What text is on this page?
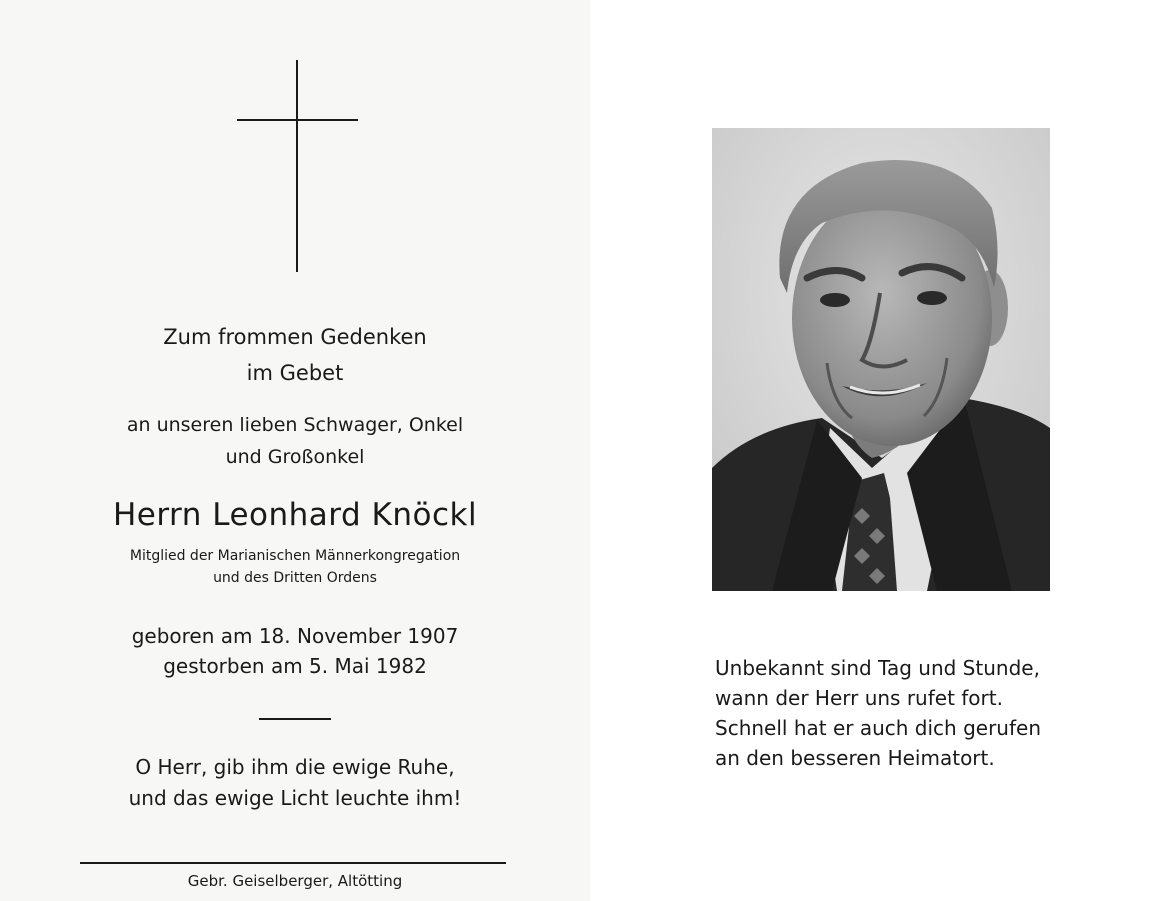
Zum frommen Gedenken
im Gebet
an unseren lieben Schwager, Onkel
und Großonkel
Herrn Leonhard Knöckl
Mitglied der Marianischen Männerkongregation
und des Dritten Ordens
geboren am 18. November 1907
gestorben am 5. Mai 1982
O Herr, gib ihm die ewige Ruhe,
und das ewige Licht leuchte ihm!
Gebr. Geiselberger, Altötting
Unbekannt sind Tag und Stunde,
wann der Herr uns rufet fort.
Schnell hat er auch dich gerufen
an den besseren Heimatort.
